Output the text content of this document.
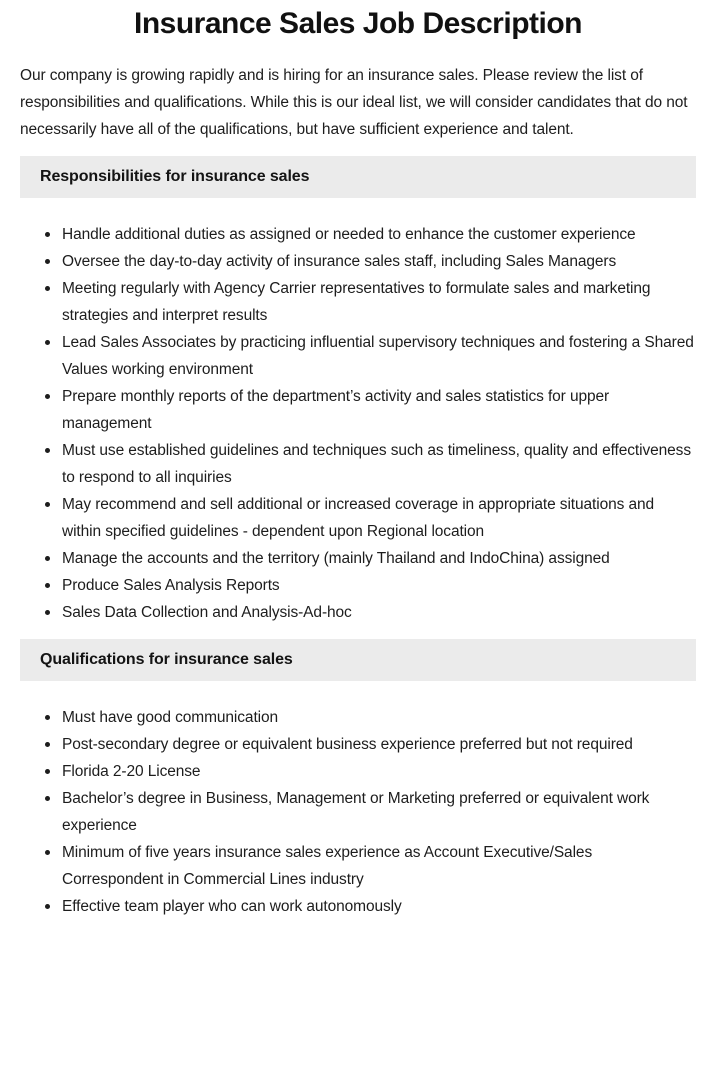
Insurance Sales Job Description

Our company is growing rapidly and is hiring for an insurance sales. Please review the list of responsibilities and qualifications. While this is our ideal list, we will consider candidates that do not necessarily have all of the qualifications, but have sufficient experience and talent.

Responsibilities for insurance sales
Handle additional duties as assigned or needed to enhance the customer experience
Oversee the day-to-day activity of insurance sales staff, including Sales Managers
Meeting regularly with Agency Carrier representatives to formulate sales and marketing strategies and interpret results
Lead Sales Associates by practicing influential supervisory techniques and fostering a Shared Values working environment
Prepare monthly reports of the department’s activity and sales statistics for upper management
Must use established guidelines and techniques such as timeliness, quality and effectiveness to respond to all inquiries
May recommend and sell additional or increased coverage in appropriate situations and within specified guidelines - dependent upon Regional location
Manage the accounts and the territory (mainly Thailand and IndoChina) assigned
Produce Sales Analysis Reports
Sales Data Collection and Analysis-Ad-hoc
Qualifications for insurance sales
Must have good communication
Post-secondary degree or equivalent business experience preferred but not required
Florida 2-20 License
Bachelor’s degree in Business, Management or Marketing preferred or equivalent work experience
Minimum of five years insurance sales experience as Account Executive/Sales Correspondent in Commercial Lines industry
Effective team player who can work autonomously
